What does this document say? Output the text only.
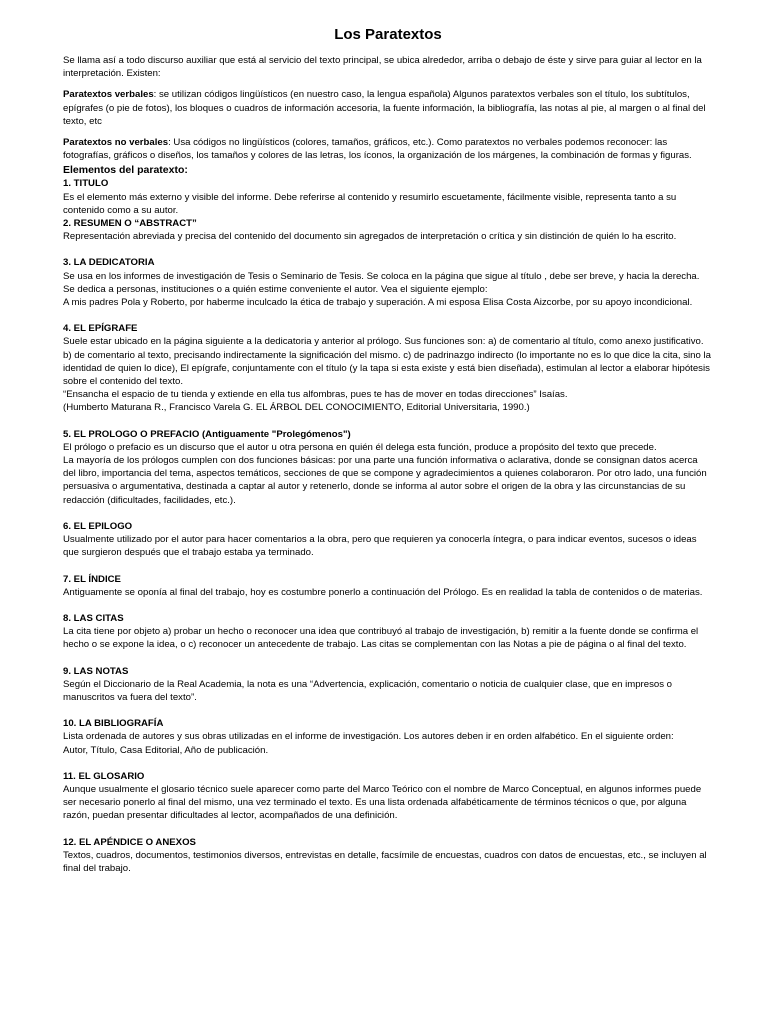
Los Paratextos

Se llama así a todo discurso auxiliar que está al servicio del texto principal, se ubica alrededor, arriba o debajo de éste y sirve para guiar al lector en la interpretación. Existen:

Paratextos verbales: se utilizan códigos lingüísticos (en nuestro caso, la lengua española) Algunos paratextos verbales son el título, los subtítulos, epígrafes (o pie de fotos), los bloques o cuadros de información accesoria, la fuente información, la bibliografía, las notas al pie, al margen o al final del texto, etc

Paratextos no verbales: Usa códigos no lingüísticos (colores, tamaños, gráficos, etc.). Como paratextos no verbales podemos reconocer: las fotografías, gráficos o diseños, los tamaños y colores de las letras, los íconos, la organización de los márgenes, la combinación de formas y figuras.

Elementos del paratexto:

1. TITULO

Es el elemento más externo y visible del informe. Debe referirse al contenido y resumirlo escuetamente, fácilmente visible, representa tanto a su contenido como a su autor.

2. RESUMEN O “ABSTRACT”

Representación abreviada y precisa del contenido del documento sin agregados de interpretación o crítica y sin distinción de quién lo ha escrito.

3. LA DEDICATORIA

Se usa en los informes de investigación de Tesis o Seminario de Tesis. Se coloca en la página que sigue al título , debe ser breve, y hacia la derecha. Se dedica a personas, instituciones o a quién estime conveniente el autor. Vea el siguiente ejemplo:

A mis padres Pola y Roberto, por haberme inculcado la ética de trabajo y superación. A mi esposa Elisa Costa Aizcorbe, por su apoyo incondicional.

4. EL EPÍGRAFE

Suele estar ubicado en la página siguiente a la dedicatoria y anterior al prólogo. Sus funciones son: a) de comentario al título, como anexo justificativo. b) de comentario al texto, precisando indirectamente la significación del mismo. c) de padrinazgo indirecto (lo importante no es lo que dice la cita, sino la identidad de quien lo dice), El epígrafe, conjuntamente con el título (y la tapa si esta existe y está bien diseñada), estimulan al lector a elaborar hipótesis sobre el contenido del texto.

“Ensancha el espacio de tu tienda y extiende en ella tus alfombras, pues te has de mover en todas direcciones” Isaías.

(Humberto Maturana R., Francisco Varela G. EL ÁRBOL DEL CONOCIMIENTO, Editorial Universitaria, 1990.)

5. EL PROLOGO O PREFACIO (Antiguamente "Prolegómenos")

El prólogo o prefacio es un discurso que el autor u otra persona en quién él delega esta función, produce a propósito del texto que precede.

La mayoría de los prólogos cumplen con dos funciones básicas: por una parte una función informativa o aclarativa, donde se consignan datos acerca del libro, importancia del tema, aspectos temáticos, secciones de que se compone y agradecimientos a quienes colaboraron. Por otro lado, una función persuasiva o argumentativa, destinada a captar al autor y retenerlo, donde se informa al autor sobre el origen de la obra y las circunstancias de su redacción (dificultades, facilidades, etc.).

6. EL EPILOGO

Usualmente utilizado por el autor para hacer comentarios a la obra, pero que requieren ya conocerla íntegra, o para indicar eventos, sucesos o ideas que surgieron después que el trabajo estaba ya terminado.

7. EL ÍNDICE

Antiguamente se oponía al final del trabajo, hoy es costumbre ponerlo a continuación del Prólogo. Es en realidad la tabla de contenidos o de materias.

8. LAS CITAS

La cita tiene por objeto a) probar un hecho o reconocer una idea que contribuyó al trabajo de investigación, b) remitir a la fuente donde se confirma el hecho o se expone la idea, o c) reconocer un antecedente de trabajo. Las citas se complementan con las Notas a pie de página o al final del texto.

9. LAS NOTAS

Según el Diccionario de la Real Academia, la nota es una “Advertencia, explicación, comentario o noticia de cualquier clase, que en impresos o manuscritos va fuera del texto”.

10. LA BIBLIOGRAFÍA

Lista ordenada de autores y sus obras utilizadas en el informe de investigación. Los autores deben ir en orden alfabético. En el siguiente orden:

Autor, Título, Casa Editorial, Año de publicación.

11. EL GLOSARIO

Aunque usualmente el glosario técnico suele aparecer como parte del Marco Teórico con el nombre de Marco Conceptual, en algunos informes puede ser necesario ponerlo al final del mismo, una vez terminado el texto. Es una lista ordenada alfabéticamente de términos técnicos o que, por alguna razón, puedan presentar dificultades al lector, acompañados de una definición.

12. EL APÉNDICE O ANEXOS

Textos, cuadros, documentos, testimonios diversos, entrevistas en detalle, facsímile de encuestas, cuadros con datos de encuestas, etc., se incluyen al final del trabajo.
